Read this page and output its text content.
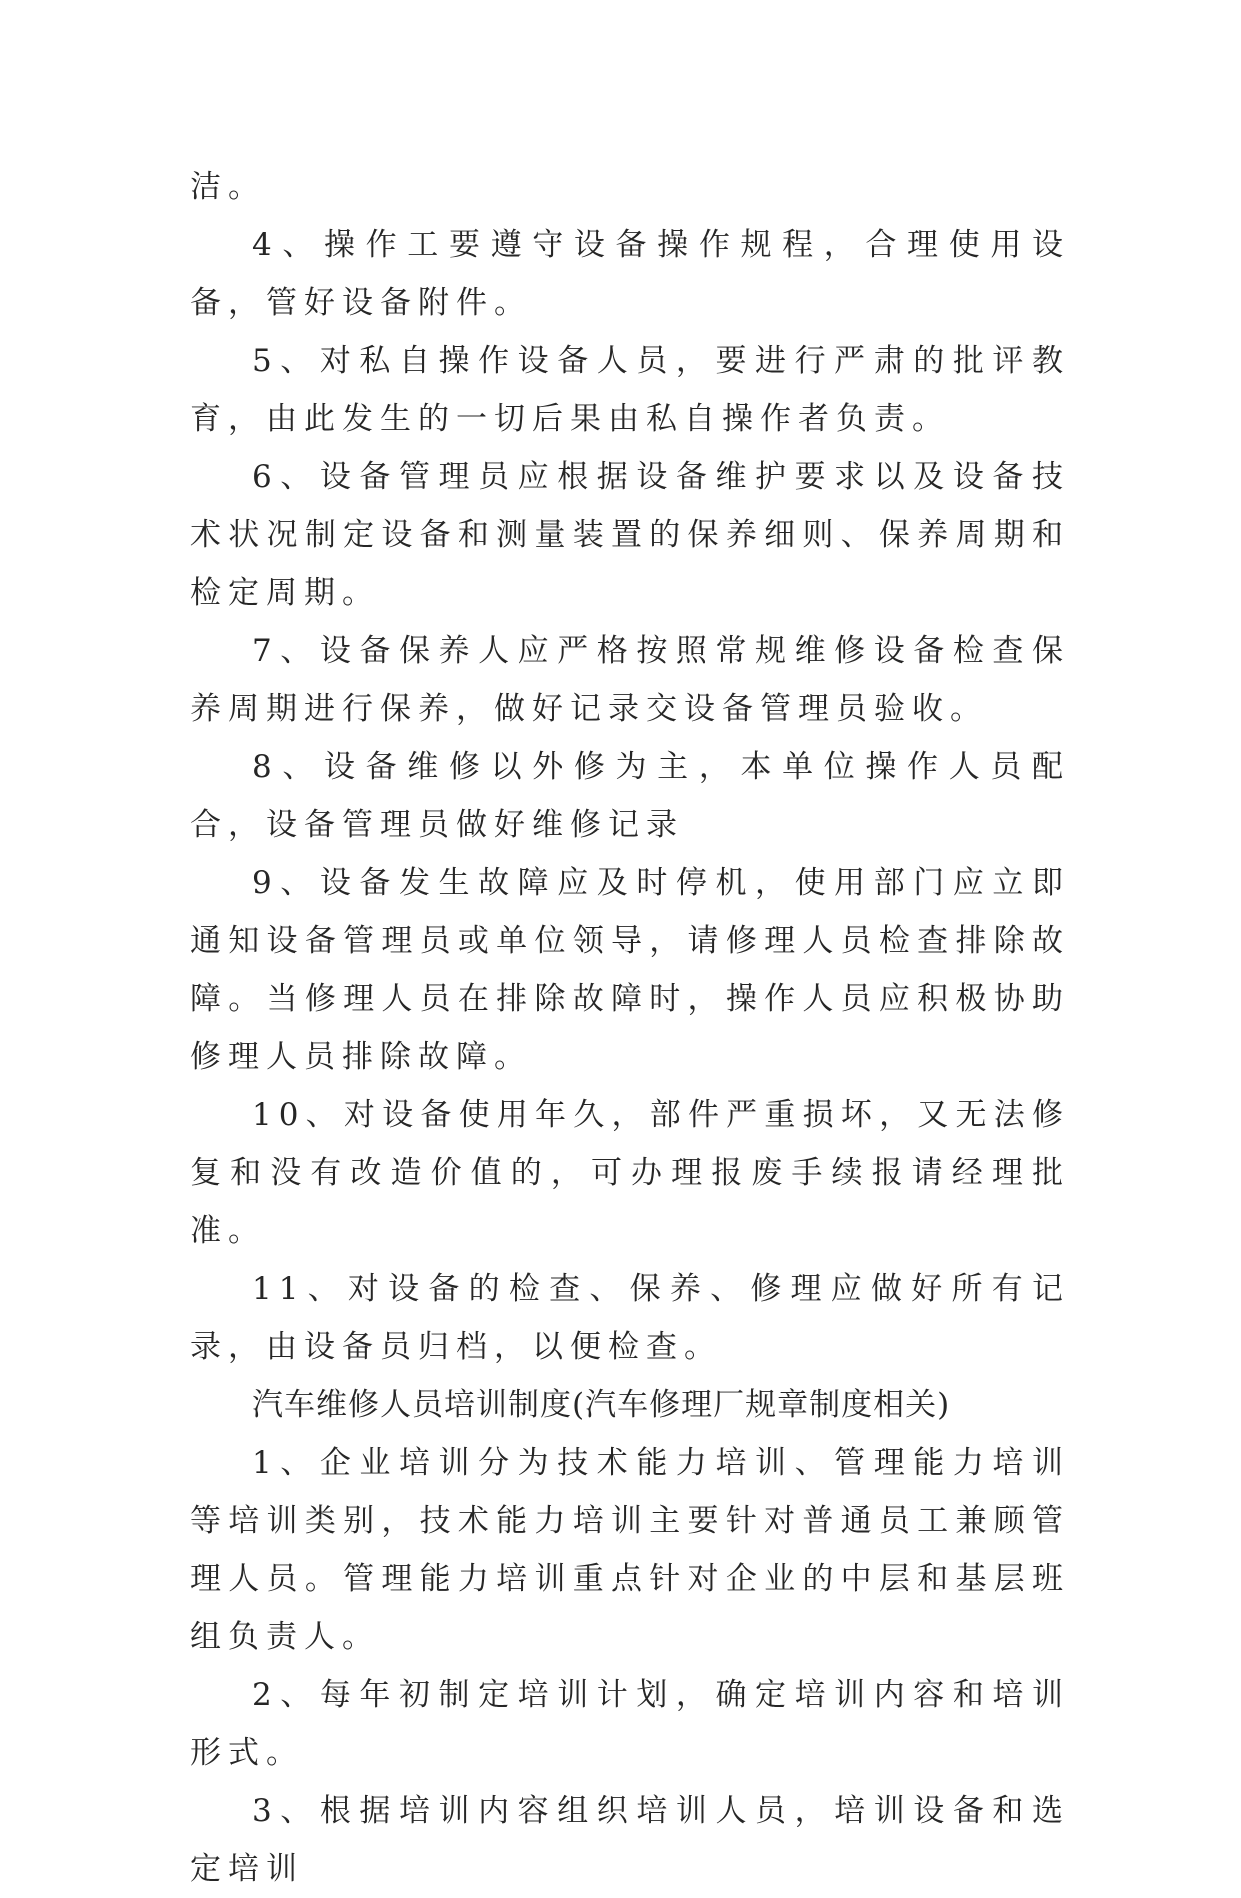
洁。

4、操作工要遵守设备操作规程，合理使用设备，管好设备附件。

5、对私自操作设备人员，要进行严肃的批评教育，由此发生的一切后果由私自操作者负责。

6、设备管理员应根据设备维护要求以及设备技术状况制定设备和测量装置的保养细则、保养周期和检定周期。

7、设备保养人应严格按照常规维修设备检查保养周期进行保养，做好记录交设备管理员验收。

8、设备维修以外修为主，本单位操作人员配合，设备管理员做好维修记录

9、设备发生故障应及时停机，使用部门应立即通知设备管理员或单位领导，请修理人员检查排除故障。当修理人员在排除故障时，操作人员应积极协助修理人员排除故障。

10、对设备使用年久，部件严重损坏，又无法修复和没有改造价值的，可办理报废手续报请经理批准。

11、对设备的检查、保养、修理应做好所有记录，由设备员归档，以便检查。

汽车维修人员培训制度(汽车修理厂规章制度相关)

1、企业培训分为技术能力培训、管理能力培训等培训类别，技术能力培训主要针对普通员工兼顾管理人员。管理能力培训重点针对企业的中层和基层班组负责人。

2、每年初制定培训计划，确定培训内容和培训形式。

3、根据培训内容组织培训人员，培训设备和选定培训
